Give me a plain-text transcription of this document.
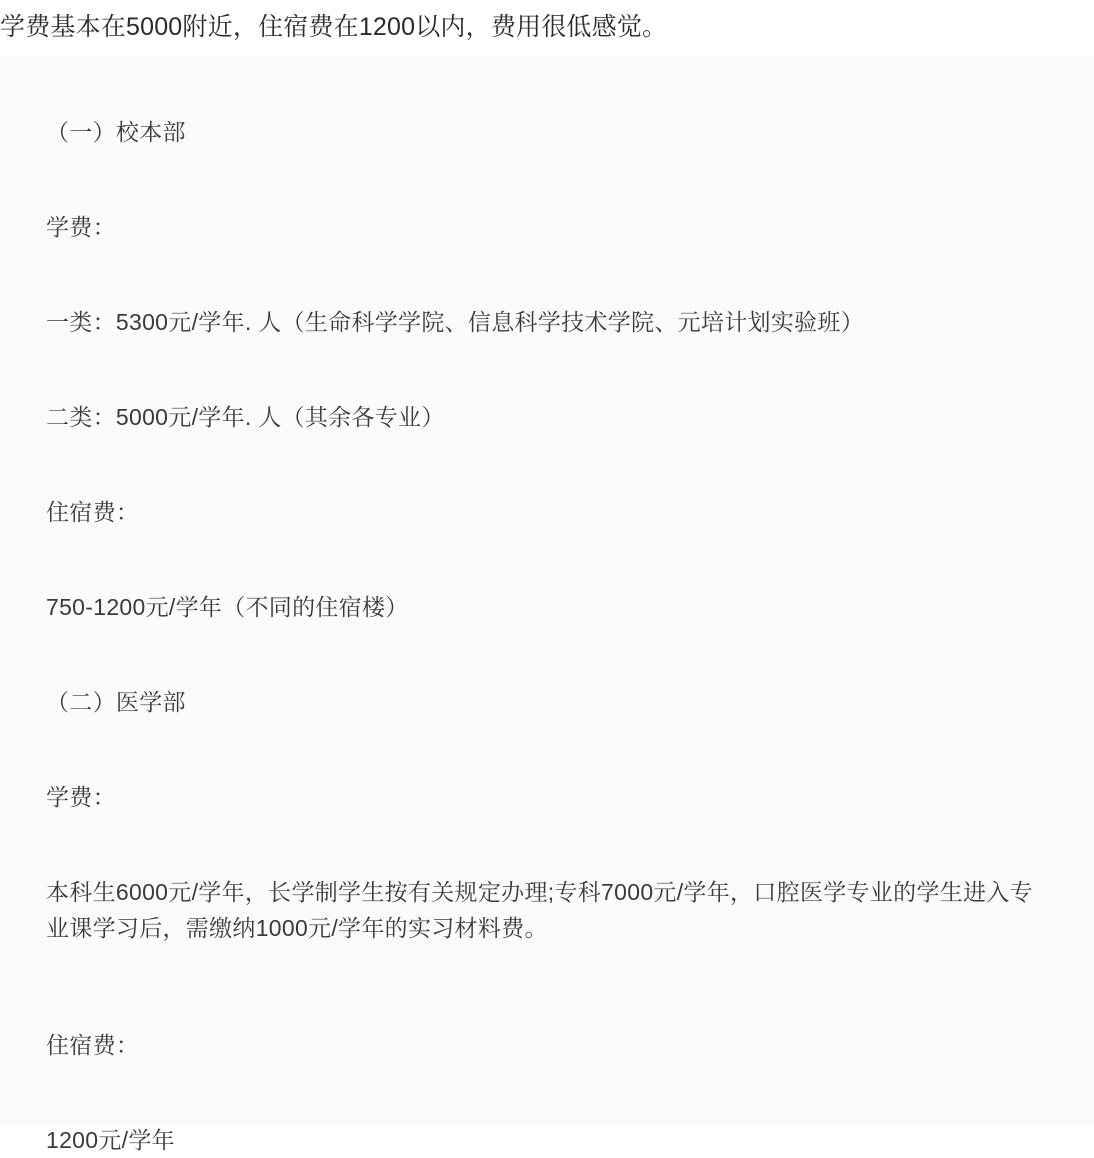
学费基本在5000附近，住宿费在1200以内，费用很低感觉。

（一）校本部

学费：

一类：5300元/学年. 人（生命科学学院、信息科学技术学院、元培计划实验班）

二类：5000元/学年. 人（其余各专业）

住宿费：

750-1200元/学年（不同的住宿楼）

（二）医学部

学费：

本科生6000元/学年，长学制学生按有关规定办理;专科7000元/学年，口腔医学专业的学生进入专业课学习后，需缴纳1000元/学年的实习材料费。

住宿费：

1200元/学年
